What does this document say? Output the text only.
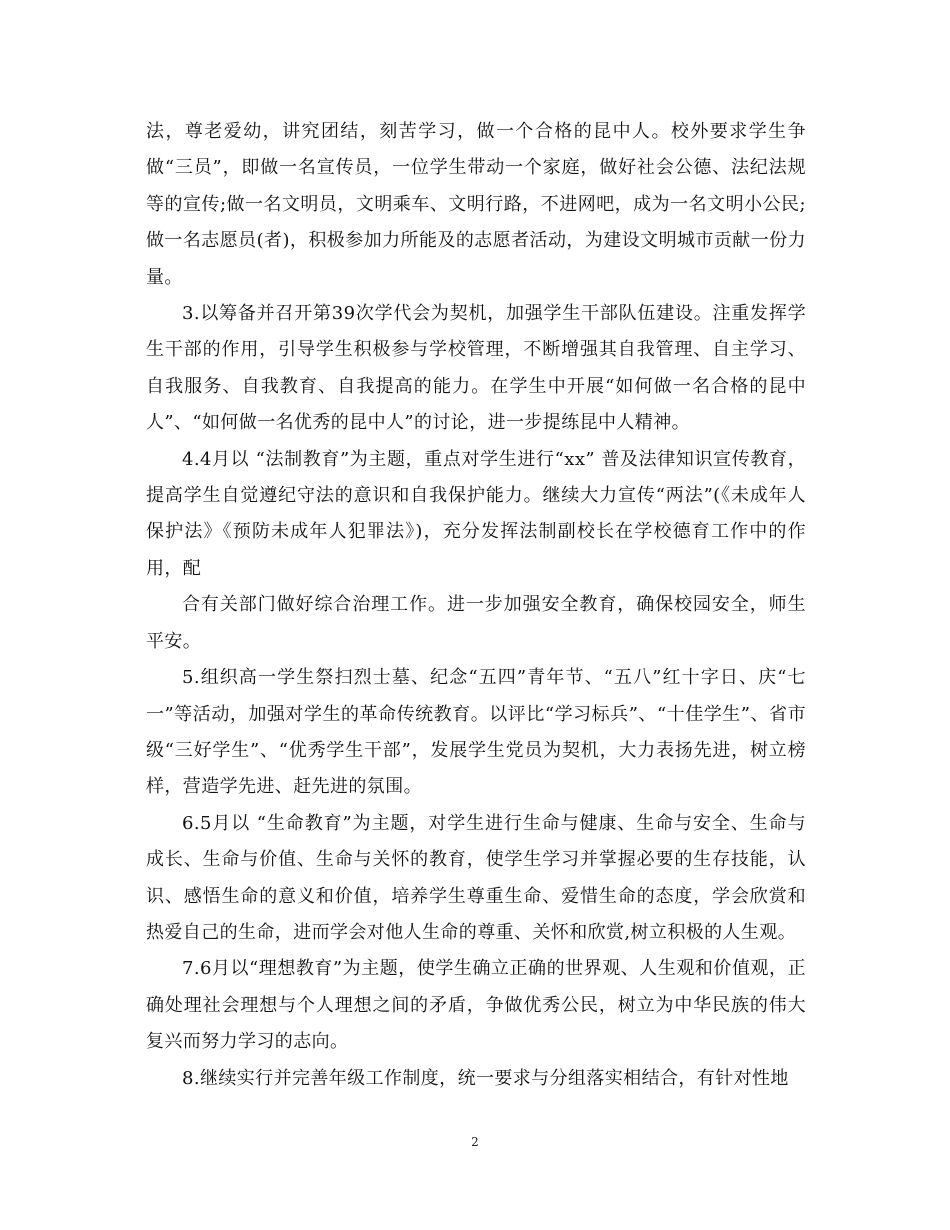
法，尊老爱幼，讲究团结，刻苦学习，做一个合格的昆中人。校外要求学生争做“三员”，即做一名宣传员，一位学生带动一个家庭，做好社会公德、法纪法规等的宣传;做一名文明员，文明乘车、文明行路，不进网吧，成为一名文明小公民;做一名志愿员(者)，积极参加力所能及的志愿者活动，为建设文明城市贡献一份力量。

3.以筹备并召开第39次学代会为契机，加强学生干部队伍建设。注重发挥学生干部的作用，引导学生积极参与学校管理，不断增强其自我管理、自主学习、自我服务、自我教育、自我提高的能力。在学生中开展“如何做一名合格的昆中人”、“如何做一名优秀的昆中人”的讨论，进一步提练昆中人精神。

4.4月以 “法制教育”为主题，重点对学生进行“xx” 普及法律知识宣传教育，提高学生自觉遵纪守法的意识和自我保护能力。继续大力宣传“两法”(《未成年人保护法》《预防未成年人犯罪法》)，充分发挥法制副校长在学校德育工作中的作用，配

合有关部门做好综合治理工作。进一步加强安全教育，确保校园安全，师生平安。

5.组织高一学生祭扫烈士墓、纪念“五四”青年节、“五八”红十字日、庆“七一”等活动，加强对学生的革命传统教育。以评比“学习标兵”、“十佳学生”、省市级“三好学生”、“优秀学生干部”，发展学生党员为契机，大力表扬先进，树立榜样，营造学先进、赶先进的氛围。

6.5月以 “生命教育”为主题，对学生进行生命与健康、生命与安全、生命与成长、生命与价值、生命与关怀的教育，使学生学习并掌握必要的生存技能，认识、感悟生命的意义和价值，培养学生尊重生命、爱惜生命的态度，学会欣赏和热爱自己的生命，进而学会对他人生命的尊重、关怀和欣赏,树立积极的人生观。

7.6月以“理想教育”为主题，使学生确立正确的世界观、人生观和价值观，正确处理社会理想与个人理想之间的矛盾，争做优秀公民，树立为中华民族的伟大复兴而努力学习的志向。

8.继续实行并完善年级工作制度，统一要求与分组落实相结合，有针对性地

2
